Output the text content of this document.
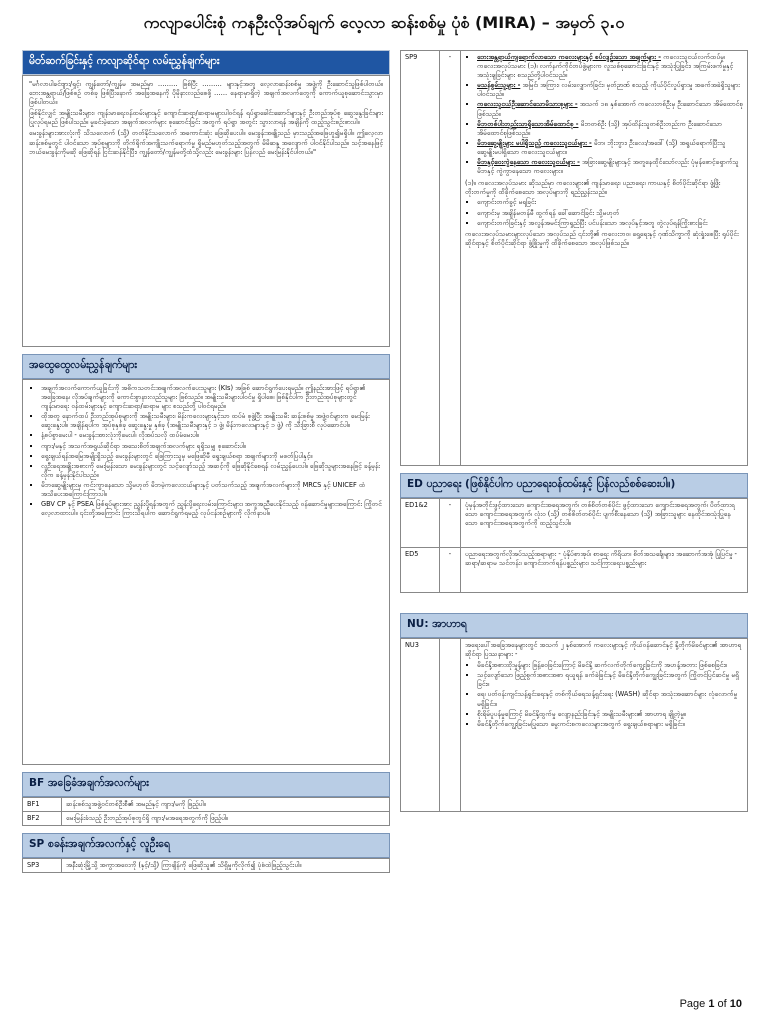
ကလျာပေါင်းစုံ ကနဦးလိုအပ်ချက် လေ့လာ ဆန်းစစ်မှု ပုံစံ (MIRA) – အမှတ် ၃.၀
မိတ်ဆက်ခြင်းနှင့် ကလျာဆိုင်ရာ လမ်းညွှန်ချက်များ

"မင်္ဂလာပါခင်ဗျား/ရှင့်၊ ကျွန်တော်/ကျွန်မ အမည်မှာ ……… ဖြစ်ပြီး ……… များနှင့်အတူ လေ့လာဆန်းစစ်မှု အဖွဲ့ကို ဦးဆောင်သူဖြစ်ပါတယ်။ ဘေးအန္တရာယ်/ဖြစ်စဉ် တစ်ခု ဖြစ်ပြီးနောက် အခြေအနေကို ပိုမိုနားလည်စေဖို့ …… နေရာမှာရှိတဲ့ အချက်အလက်တွေကို ကောက်ယူစုဆောင်းသွားမှာ ဖြစ်ပါတယ်။

ဖြစ်နိုင်လျှင် အမျိုးသမီးများ၊ ကျန်းမာရေးဝန်ထမ်းများနှင့် ကျောင်းဆရာ/ဆရာမများပါဝင်ရန် ရပ်ရွာခေါင်းဆောင်များနှင့် ဦးတည်အုပ်စု ဆွေးနွေးခြင်းများ ပြုလုပ်ရမည် ဖြစ်ပါသည်။ မှုခင်းမဲ့သော အချက်အလက်များ စုဆောင်းခြင်း အတွက် ရပ်ရွာ အတွင်း သွားလာရန် အချိန်ကို ထည့်သွင်းစဉ်းစားပါ။

မေးခွန်းများအားလုံးကို သိသလောက် (သို့) တတ်နိုင်သလောက် အကောင်းဆုံး ဖြေဆိုပေးပါ။ မေးခွန်းအချို့သည် မှားသည့်အဖြေဟူ၍မရှိပါ။ ဤလေ့လာ ဆန်းစစ်မှုတွင် ပါဝင်သော အုပ်စုများကို တိုက်ရိုက်အကျိုးသက်ရောက်မှု ရှိမည်မဟုတ်သည့်အတွက် မိမိဆန္ဒ အလျောက် ပါဝင်နိုင်ပါသည်။ သင့်အနေဖြင့် ဘယ်မေးခွန်းကိုမဆို ဖြေဆိုရန် ငြင်းဆန်နိုင်ပြီး၊ ကျွန်တော်/ကျွန်မတို့ထံသို့လည်း မေးခွန်းများ ပြန်လည် မေးမြန်းနိုင်ပါတယ်။"

အထွေထွေလမ်းညွှန်ချက်များ
▪ အချက်အလက်ကောက်ယူခြင်းကို အဓိကသတင်းအချက်အလက်ပေးသူများ (KIs) အဖြစ် ဆောင်ရွက်ပေးရမည်။ ဤနည်းအားဖြင့် ရပ်ရွာ၏ အခြေအနေ၊ လိုအပ်ချက်များကို ကောင်းစွာနားလည်သူများ ဖြစ်သည်။ အမျိုးသမီးများပါဝင်မှု ရှိပါစေ၊ ဖြစ်နိုင်ပါက ဦးတည်အုပ်စုများတွင် ကျန်းမာရေး ဝန်ထမ်းများနှင့် ကျောင်းဆရာ/ဆရာမ များ စသည်တို့ ပါဝင်ရမည်။
▪ ထိုအတူ နောက်ထပ် ဦးတည်အုပ်စုများကို အမျိုးသမီးများ၊ မိန်းကလေးများနှင့်သာ ထပ်မံ စုဖွဲ့ပြီး အမျိုးသမီး ဆန်းစစ်မှု အဖွဲ့ဝင်များက မေးမြန်းဆွေးနွေးပါ။ အချိန်ရပါက အုပ်စုနှစ်ခု ဆွေးနွေးမှု နှစ်ခု (အမျိုးသမီးများနှင့် ၁ ဖွဲ့၊ မိန်းကလေးများနှင့် ၁ ဖွဲ့) ကို သီးခြားစီ လုပ်ဆောင်ပါ။
▪ နံ့စပ်စွာမေးပါ - မေးခွန်းအားလုံးကိုမေးပါ၊ လိုအပ်သလို ထပ်မံမေးပါ။
▪ ကျား/မနှင့် အသက်အရွယ်ဆိုင်ရာ အသေးစိတ်အချက်အလက်များ ရရှိသမျှ စုဆောင်းပါ။
▪ ရွေးချယ်ရန်အမြေအမျိုးရှိသည့် မေးခွန်းများတွင် ဖြေကြားသူမှ မဖြေဆိုမီ ရွေးချယ်စရာ အချက်များကို မဖတ်ပြပါနှင့်။
▪ လူဦးရေအချိုးအစားကို မေးမြန်းသော မေးခွန်းများတွင် သင့်လျော်သည့် အဆင့်ကို ဖြေဆိုနိုင်စေရန် လမ်းညွှန်ပေးပါ။ ဖြေဆိုသူများအနေဖြင့် ခန့်မှန်းလိုက ခန့်မှန်းနိုင်ပါသည်။
▪ မိဘဆွေမျိုးများမှ ကင်းကွာနေသော သို့မဟုတ် မိဘမဲ့ကလေးငယ်များနှင့် ပတ်သက်သည့် အချက်အလက်များကို MRCS နှင့် UNICEF ထံ အသိပေးအကြောင်းကြားပါ။
▪ GBV CP နှင့် PSEA ဖြစ်ရပ်များအား ညွှန်းပို့ရန်အတွက် ညွှန်းပို့ရေးလမ်းကြောင်းများ၊ အကူအညီပေးနိုင်သည့် ဝန်ဆောင်မှုများအကြောင်း ကြိုတင်လေ့လာထားပါ။ ၎င်းတို့အကြောင်း ကြားသိရပါက ဆောင်ရွက်ရမည့် လုပ်ငန်းစဉ်များကို လိုက်နာပါ။
BF အခြေခံအချက်အလက်များ
BF1	ဆန်းစစ်သူအဖွဲ့ဝင်တစ်ဦးစီ၏ အမည်နှင့် ကျား/မကို ဖြည့်ပါ။
BF2	မေးမြန်းခံသည့် ဦးတည်အုပ်စုတွင်ရှိ ကျား/မအရေအတွက်ကို ဖြည့်ပါ။
SP စခန်းအချက်အလက်နှင့် လူဦးရေ
SP3	အနီးဆုံးမြို့သို့ အကွာအဝေးကို (နှင့်/သို့) ကြာချိန်ကို ဖြေဆိုသူ၏ သိရှိမှုကိုလိုက်၍ ပုံစံထဲဖြည့်သွင်းပါ။
SP9	-	
▪ဘေးအန္တရာယ်ကျရောက်လာသော ကလေးများနှင့် စပ်လျဉ်းသော အချက်များ - ကလေးသူငယ်လက်ထပ်မှု၊ ကလေးအလုပ်သမား (၁)၊ လက်နက်ကိုင်တပ်ဖွဲ့များက လူသစ်စုဆောင်းခြင်းနှင့် အသုံးပြုခြင်း၊ အကြမ်းဖက်မှုနှင့် အသုံးချခြင်းများ စသည်တို့ပါဝင်သည်။
▪ မသန်စွမ်းသူများ - အမြင်၊ အကြား၊ လမ်းလျှောက်ခြင်း၊ မှတ်ဉာဏ် စသည့် ကိုယ်ပိုင်လှုပ်ရှားမှု အခက်အခဲရှိသူများ ပါဝင်သည်။
▪ ကလေးသူငယ်ဦးဆောင်သောမိသားစုများ - အသက် ၁၈ နှစ်အောက် ကလေးတစ်ဦးမှ ဦးဆောင်သော အိမ်ထောင်စုဖြစ်သည်။
▪ မိဘတစ်ပါးတည်းသာရှိသောအိမ်ထောင်စု - မိဘတစ်ဦး (သို့) အုပ်ထိန်းသူတစ်ဦးတည်းက ဦးဆောင်သော အိမ်ထောင်စုဖြစ်သည်။
▪ မိဘဆွေမျိုးများ မပါရှိသည့် ကလေးသူငယ်များ - မိဘ၊ ဘိုးဘွား၊ ဦးလေး/အဒေါ် (သို့) အရွယ်ရောက်ပြီးသူ ဆွေမျိုးမပါရှိသော ကလေးသူငယ်များ။
▪ မိဘနှင့်ဝေးကွဲနေသော ကလေးသူငယ်များ - အခြားဆွေမျိုးများနှင့် အတူနေထိုင်သော်လည်း ပုံမှန်စောင့်ရှောက်သူ မိဘနှင့် ကွဲကွာနေသော ကလေးများ။

(၁)။ ကလေးအလုပ်သမား ဆိုသည်မှာ ကလေးများ၏ ကျန်းမာရေး၊ ပညာရေး၊ ကာယနှင့် စိတ်ပိုင်းဆိုင်ရာ ဖွံ့ဖြိုးတိုးတက်မှုကို ထိခိုက်စေသော အလုပ်များကို ရည်ညွှန်းသည်။

▪ ကျောင်းတက်ခွင့် မရခြင်း
▪ ကျောင်းမှ အချိန်မတန်မီ ထွက်ရန် ခေါ်ဆောင်ခြင်း သို့မဟုတ်
▪ ကျောင်းတက်ခြင်းနှင့် အလွန်အမင်းကြာရှည်ပြီး ပင်ပန်းသော အလုပ်နှင့်အတူ တွဲလုပ်ရန်ကြိုးစားခြင်း

ကလေးအလုပ်သမားများလုပ်သော အလုပ်သည် ၎င်းတို့၏ ကလေးဘဝ၊ ရှေ့ရေးနှင့် ဂုဏ်သိက္ခာကို ဆုံးရှုံးစေပြီး ရုပ်ပိုင်းဆိုင်ရာနှင့် စိတ်ပိုင်းဆိုင်ရာ ဖွံ့ဖြိုးမှုကို ထိခိုက်စေသော အလုပ်ဖြစ်သည်။

ED ပညာရေး (ဖြစ်နိုင်ပါက ပညာရေးဝန်ထမ်းနှင့် ပြန်လည်စစ်ဆေးပါ။)
ED1&2	-	ပုံမှန်အတိုင်းဖွင့်ထားသော ကျောင်းအရေအတွက်၊ တစ်စိတ်တစ်ပိုင်း ဖွင့်ထားသော ကျောင်းအရေအတွက်၊ ပိတ်ထားရသော ကျောင်းအရေအတွက်၊ လုံးဝ (သို့) တစ်စိတ်တစ်ပိုင်း ပျက်စီးနေသော (သို့) အခြားသူများ နေထိုင်အသုံးပြုနေသော ကျောင်းအရေအတွက်ကို ထည့်သွင်းပါ။
ED5	-	ပညာရေးအတွက်လိုအပ်သည့်အရာများ - ပုံနှိပ်စာအုပ်၊ စာရေး ကိရိယာ၊ စိတ်အသင်္ချေများ၊ အဆောက်အအုံ ပြုပြင်မှု - ဆရာ/ဆရာမ သင်တန်း၊ ကျောင်းတက်ရန်ပစ္စည်းများ၊ သင်ကြားရေးပစ္စည်းများ
NU: အာဟာရ
NU3		အရေးပေါ်အခြေအနေများတွင် အသက် ၂ နှစ်အောက် ကလေးများနှင့် ကိုယ်ဝန်ဆောင်နှင့် နို့တိုက်မိခင်များ၏ အာဟာရဆိုင်ရာ ပြဿနာများ -

▪ မိခင်နို့အစားထိုးမှုန့်များ ဖြန့်ဝေခြင်းကြောင့် မိခင်နို့ ဆက်လက်တိုက်ကျွေးခြင်းကို အဟန့်အတား ဖြစ်စေခြင်း။
▪ သင့်လျော်သော ဖြည့်စွက်အစားအစာ ရယူရန် ခက်ခဲခြင်းနှင့် မိခင်နို့တိုက်ကျွေးခြင်းအတွက် ကြိုတင်ပြင်ဆင်မှု မရှိခြင်း။
▪ ရေ၊ ပတ်ဝန်းကျင်သန့်ရှင်းရေးနှင့် တစ်ကိုယ်ရေသန့်ရှင်းရေး (WASH) ဆိုင်ရာ အသုံးအဆောင်များ လုံလောက်မှု မရှိခြင်း။
▪ စိုးရိမ်ပူပန်မှုကြောင့် မိခင်နို့ထွက်မှု လျော့နည်းခြင်းနှင့် အမျိုးသမီးများ၏ အာဟာရ ချို့တဲ့မှု။
▪ မိခင်နို့တိုက်ကျွေးခြင်းမပြုသော မွေးကင်းစကလေးများအတွက် ရွေးချယ်စရာများ မရှိခြင်း။
Page 1 of 10
